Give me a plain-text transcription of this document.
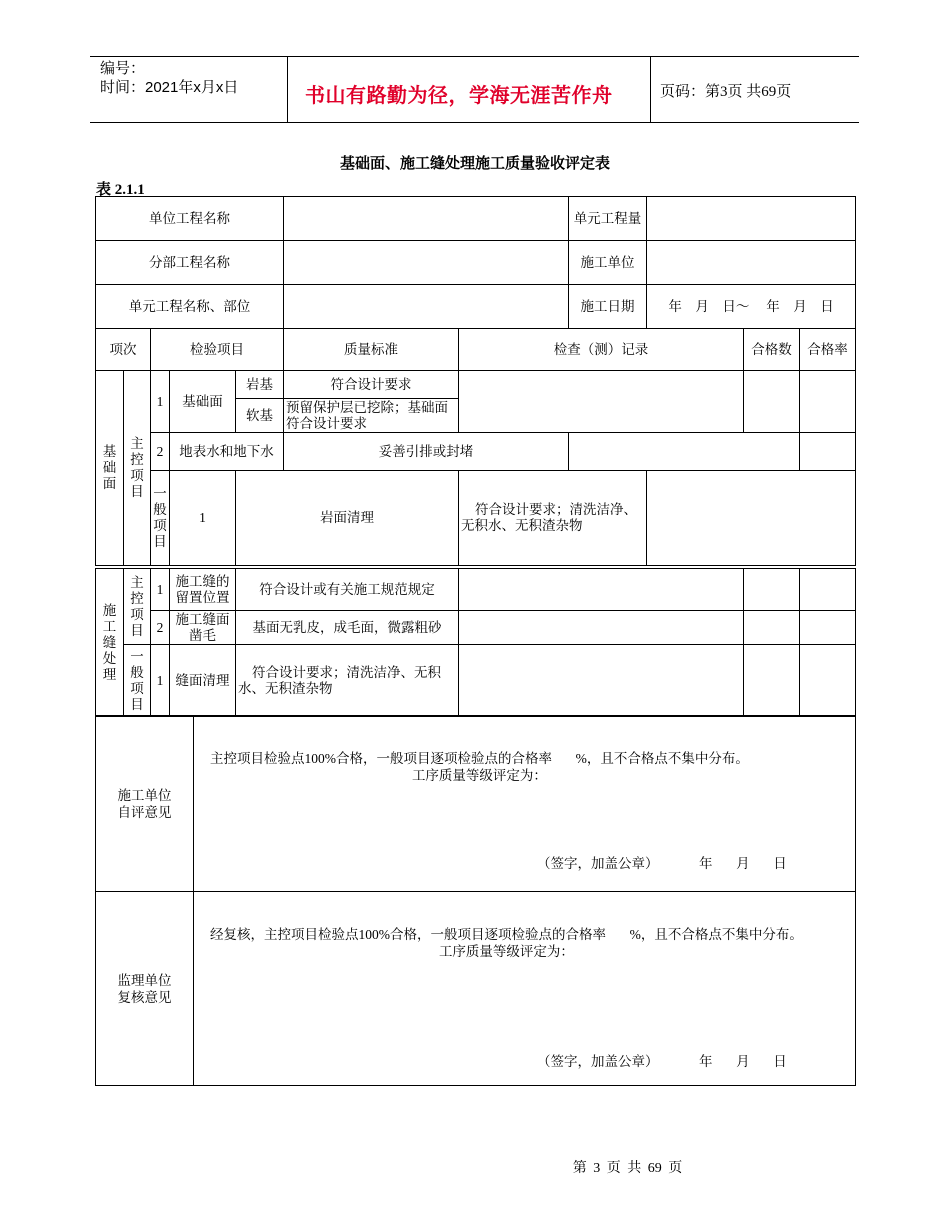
编号：
时间：2021年x月x日	书山有路勤为径，学海无涯苦作舟	页码：第3页 共69页
基础面、施工缝处理施工质量验收评定表
表 2.1.1
单位工程名称							单元工程量				
分部工程名称							施工单位				
单元工程名称、部位							施工日期	年    月    日～     年    月    日			
项次		检验项目			质量标准	检查（测）记录			合格数	合格率	

基础面	主控项目	1	基础面	岩基	符合设计要求						
				软基	预留保护层已挖除；基础面符合设计要求						
		2	地表水和地下水		妥善引排或封堵						

		一般项目	1	岩面清理		符合设计要求；清洗洁净、无积水、无积渣杂物					
施工缝处理	主控项目	1	施工缝的留置位置	符合设计或有关施工规范规定			
		2	施工缝面凿毛	基面无乳皮，成毛面，微露粗砂			

	一般项目	1	缝面清理	符合设计要求；清洗洁净、无积水、无积渣杂物			
施工单位自评意见	主控项目检验点100%合格，一般项目逐项检验点的合格率       %，且不合格点不集中分布。
工序质量等级评定为：
（签字，加盖公章）            年       月       日

监理单位复核意见	经复核，主控项目检验点100%合格，一般项目逐项检验点的合格率       %，且不合格点不集中分布。
工序质量等级评定为：
（签字，加盖公章）            年       月       日
第 3 页 共 69 页
